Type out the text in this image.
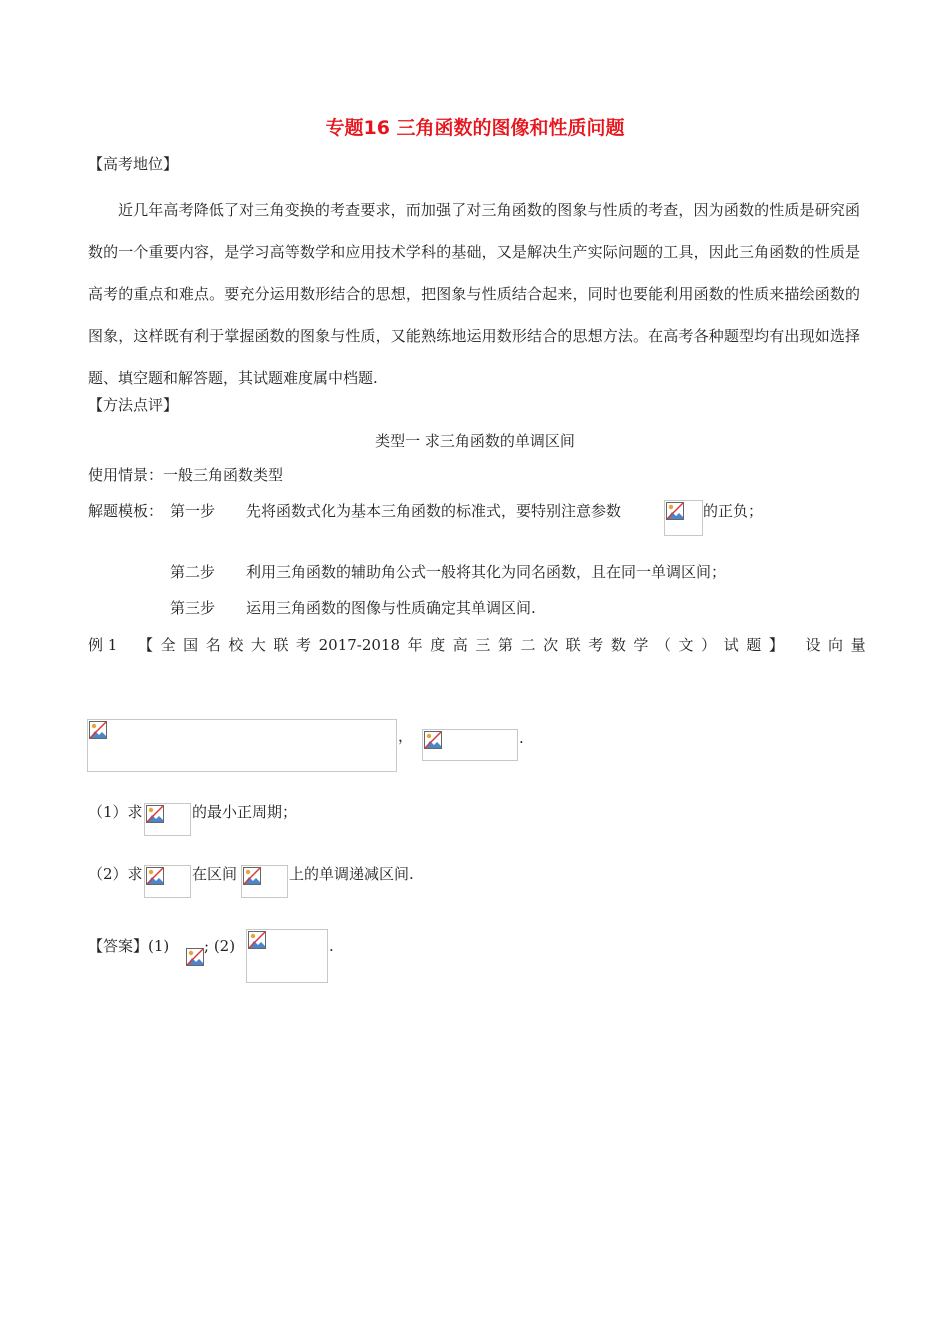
专题16 三角函数的图像和性质问题
【高考地位】

近几年高考降低了对三角变换的考查要求，而加强了对三角函数的图象与性质的考查，因为函数的性质是研究函数的一个重要内容，是学习高等数学和应用技术学科的基础，又是解决生产实际问题的工具，因此三角函数的性质是高考的重点和难点。要充分运用数形结合的思想，把图象与性质结合起来，同时也要能利用函数的性质来描绘函数的图象，这样既有利于掌握函数的图象与性质，又能熟练地运用数形结合的思想方法。在高考各种题型均有出现如选择题、填空题和解答题，其试题难度属中档题.

【方法点评】
类型一 求三角函数的单调区间
使用情景：一般三角函数类型
解题模板： 第一步 先将函数式化为基本三角函数的标准式，要特别注意参数	的正负；
第二步 利用三角函数的辅助角公式一般将其化为同名函数，且在同一单调区间；
第三步 运用三角函数的图像与性质确定其单调区间.
例 1 【 全 国 名 校 大 联 考 2017-2018 年 度 高 三 第 二 次 联 考 数 学 （ 文 ） 试 题 】 设 向 量
，	.
（1）求	的最小正周期；
（2）求	在区间	上的单调递减区间.
【答案】(1) ; (2)	.
